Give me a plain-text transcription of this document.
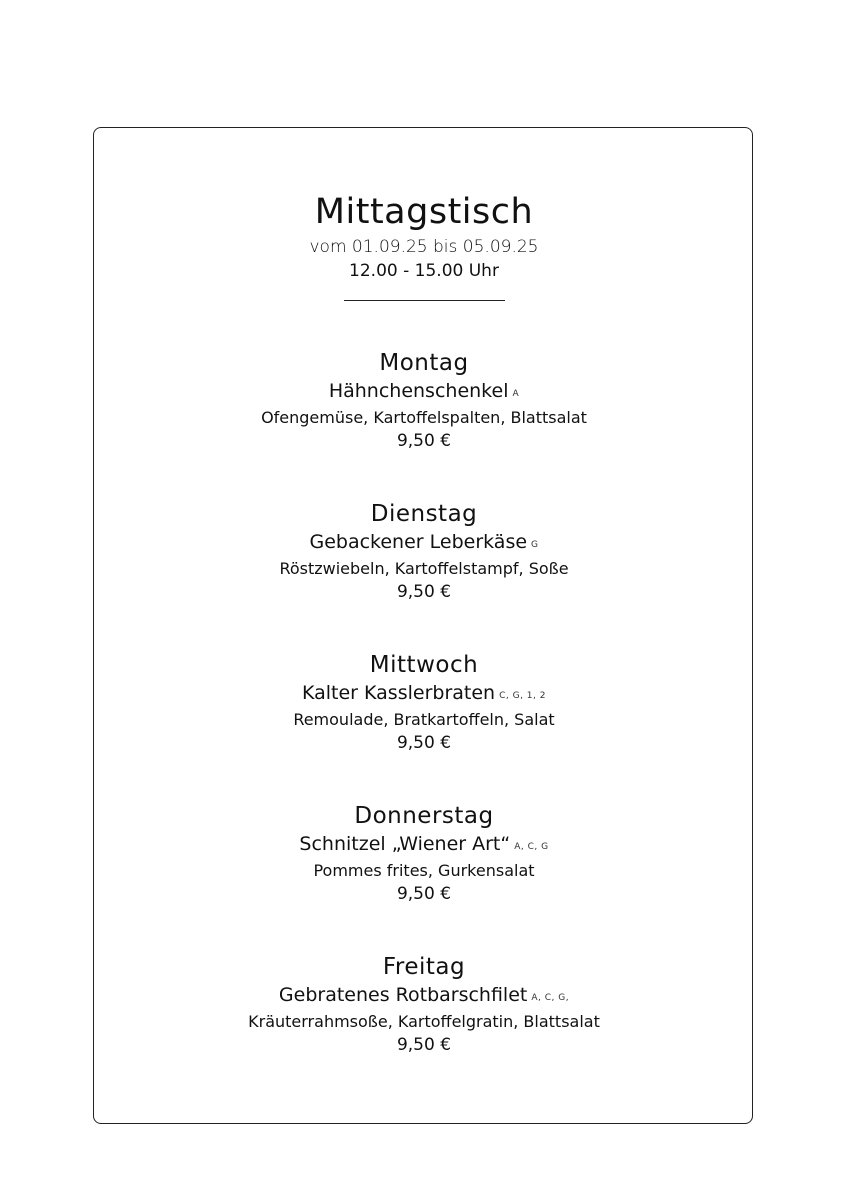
Mittagstisch
vom 01.09.25 bis 05.09.25
12.00 - 15.00 Uhr
Montag
Hähnchenschenkel A
Ofengemüse, Kartoffelspalten, Blattsalat
9,50 €
Dienstag
Gebackener Leberkäse G
Röstzwiebeln, Kartoffelstampf, Soße
9,50 €
Mittwoch
Kalter Kasslerbraten C, G, 1, 2
Remoulade, Bratkartoffeln, Salat
9,50 €
Donnerstag
Schnitzel „Wiener Art“ A, C, G
Pommes frites, Gurkensalat
9,50 €
Freitag
Gebratenes Rotbarschfilet A, C, G,
Kräuterrahmsoße, Kartoffelgratin, Blattsalat
9,50 €
